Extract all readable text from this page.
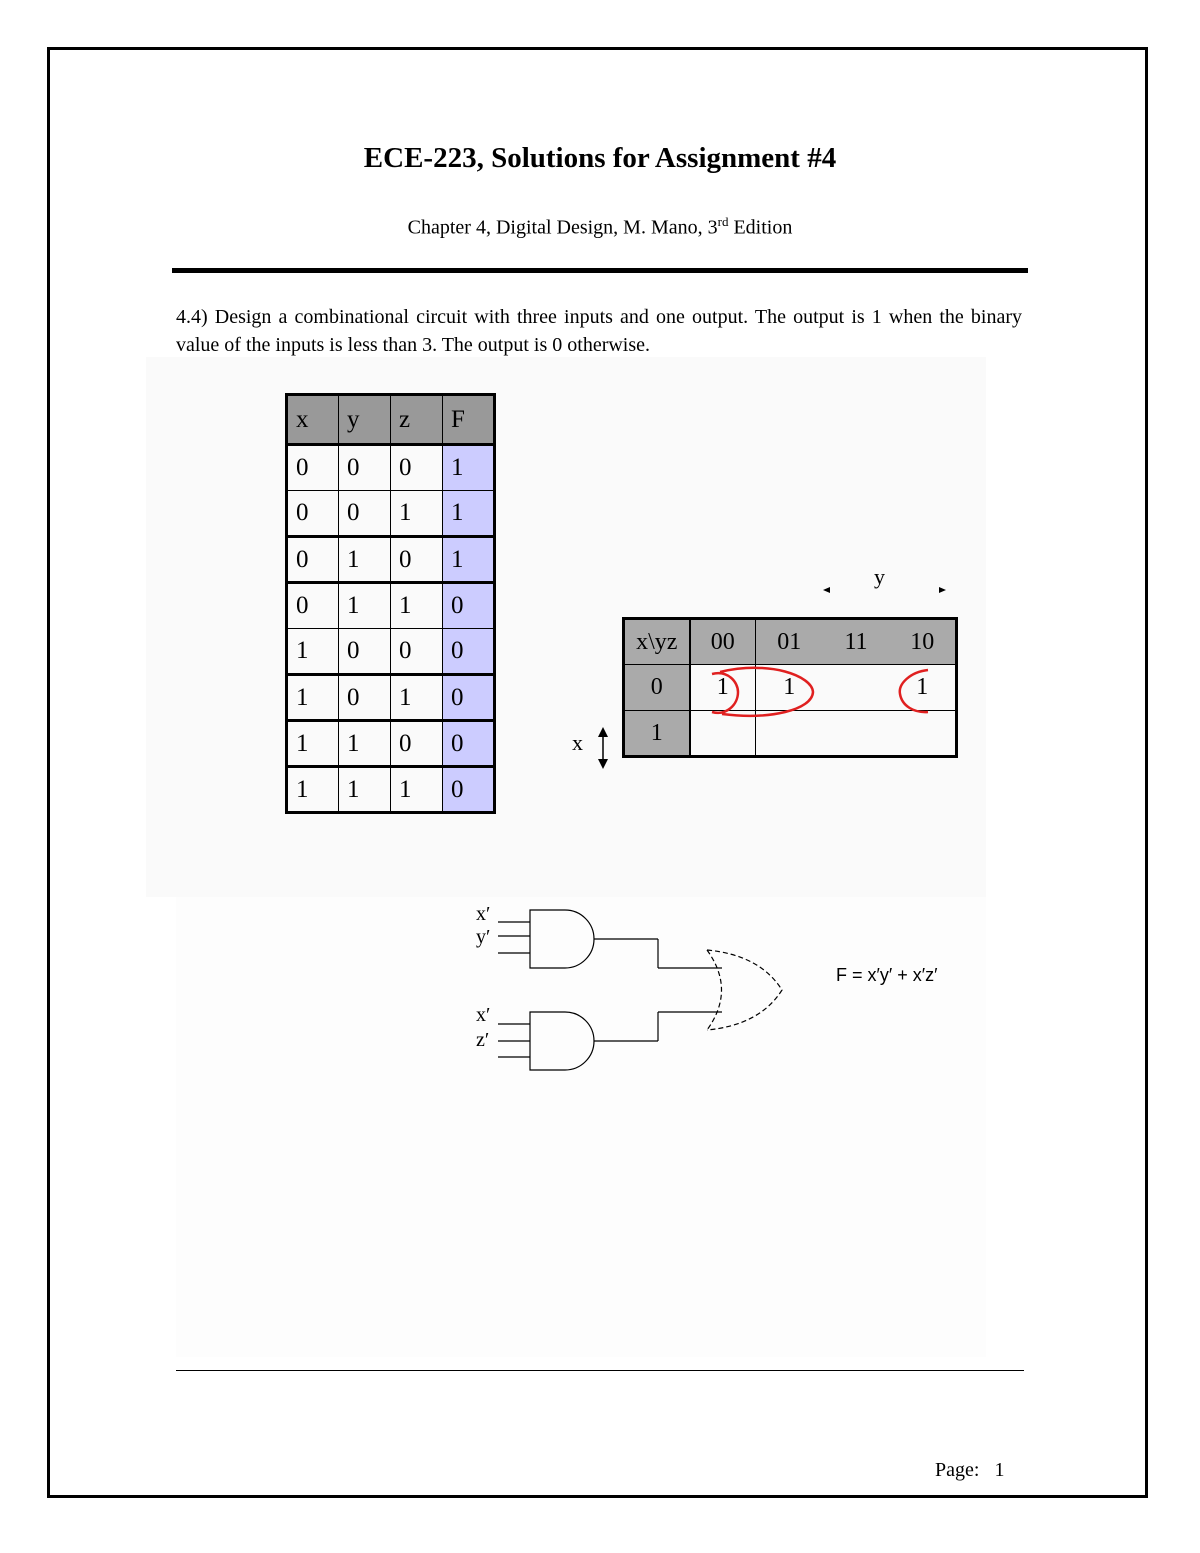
ECE-223, Solutions for Assignment #4
Chapter 4, Digital Design, M. Mano, 3rd Edition
4.4) Design a combinational circuit with three inputs and one output. The output is 1 when the binary value of the inputs is less than 3. The output is 0 otherwise.
x	y	z	F
0	0	0	1
0	0	1	1
0	1	0	1
0	1	1	0
1	0	0	0
1	0	1	0
1	1	0	0
1	1	1	0
y
x
x\yz	00	01	11	10
0	1	1		1
1				
x′
y′
x′
z′
F = x′y′ + x′z′
Page: 1
